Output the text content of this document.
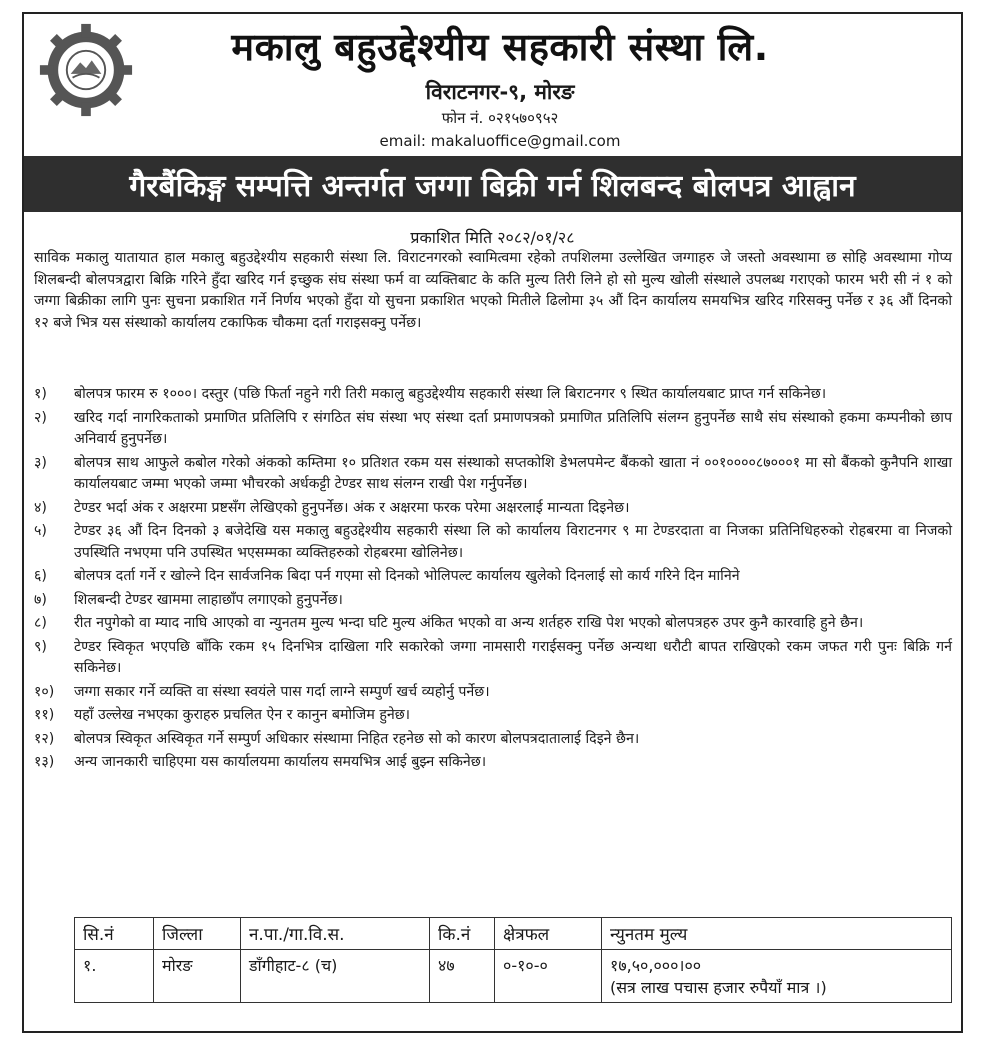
मकालु बहुउद्देश्यीय सहकारी संस्था लि.
विराटनगर-९, मोरङ
फोन नं. ०२१५७०९५२
email: makaluoffice@gmail.com
गैरबैंकिङ्ग सम्पत्ति अन्तर्गत जग्गा बिक्री गर्न शिलबन्द बोलपत्र आह्वान
प्रकाशित मिति २०८२/०१/२८
साविक मकालु यातायात हाल मकालु बहुउद्देश्यीय सहकारी संस्था लि. विराटनगरको स्वामित्वमा रहेको तपशिलमा उल्लेखित जग्गाहरु जे जस्तो अवस्थामा छ सोहि अवस्थामा गोप्य शिलबन्दी बोलपत्रद्वारा बिक्रि गरिने हुँदा खरिद गर्न इच्छुक संघ संस्था फर्म वा व्यक्तिबाट के कति मुल्य तिरी लिने हो सो मुल्य खोली संस्थाले उपलब्ध गराएको फारम भरी सी नं १ को जग्गा बिक्रीका लागि पुनः सुचना प्रकाशित गर्ने निर्णय भएको हुँदा यो सुचना प्रकाशित भएको मितीले ढिलोमा ३५ औं दिन कार्यालय समयभित्र खरिद गरिसक्नु पर्नेछ र ३६ औं दिनको १२ बजे भित्र यस संस्थाको कार्यालय टकाफिक चौकमा दर्ता गराइसक्नु पर्नेछ।
१)	बोलपत्र फारम रु १०००। दस्तुर (पछि फिर्ता नहुने गरी तिरी मकालु बहुउद्देश्यीय सहकारी संस्था लि बिराटनगर ९ स्थित कार्यालयबाट प्राप्त गर्न सकिनेछ।
२)	खरिद गर्दा नागरिकताको प्रमाणित प्रतिलिपि र संगठित संघ संस्था भए संस्था दर्ता प्रमाणपत्रको प्रमाणित प्रतिलिपि संलग्न हुनुपर्नेछ साथै संघ संस्थाको हकमा कम्पनीको छाप अनिवार्य हुनुपर्नेछ।
३)	बोलपत्र साथ आफुले कबोल गरेको अंकको कम्तिमा १० प्रतिशत रकम यस संस्थाको सप्तकोशि डेभलपमेन्ट बैंकको खाता नं ००१००००८७०००१ मा सो बैंकको कुनैपनि शाखा कार्यालयबाट जम्मा भएको जम्मा भौचरको अर्धकट्टी टेण्डर साथ संलग्न राखी पेश गर्नुपर्नेछ।
४)	टेण्डर भर्दा अंक र अक्षरमा प्रष्टसँग लेखिएको हुनुपर्नेछ। अंक र अक्षरमा फरक परेमा अक्षरलाई मान्यता दिइनेछ।
५)	टेण्डर ३६ औं दिन दिनको ३ बजेदेखि यस मकालु बहुउद्देश्यीय सहकारी संस्था लि को कार्यालय विराटनगर ९ मा टेण्डरदाता वा निजका प्रतिनिधिहरुको रोहबरमा वा निजको उपस्थिति नभएमा पनि उपस्थित भएसम्मका व्यक्तिहरुको रोहबरमा खोलिनेछ।
६)	बोलपत्र दर्ता गर्ने र खोल्ने दिन सार्वजनिक बिदा पर्न गएमा सो दिनको भोलिपल्ट कार्यालय खुलेको दिनलाई सो कार्य गरिने दिन मानिने
७)	शिलबन्दी टेण्डर खाममा लाहाछाँप लगाएको हुनुपर्नेछ।
८)	रीत नपुगेको वा म्याद नाघि आएको वा न्युनतम मुल्य भन्दा घटि मुल्य अंकित भएको वा अन्य शर्तहरु राखि पेश भएको बोलपत्रहरु उपर कुनै कारवाहि हुने छैन।
९)	टेण्डर स्विकृत भएपछि बाँकि रकम १५ दिनभित्र दाखिला गरि सकारेको जग्गा नामसारी गराईसक्नु पर्नेछ अन्यथा धरौटी बापत राखिएको रकम जफत गरी पुनः बिक्रि गर्न सकिनेछ।
१०)	जग्गा सकार गर्ने व्यक्ति वा संस्था स्वयंले पास गर्दा लाग्ने सम्पुर्ण खर्च व्यहोर्नु पर्नेछ।
११)	यहाँ उल्लेख नभएका कुराहरु प्रचलित ऐन र कानुन बमोजिम हुनेछ।
१२)	बोलपत्र स्विकृत अस्विकृत गर्ने सम्पुर्ण अधिकार संस्थामा निहित रहनेछ सो को कारण बोलपत्रदातालाई दिइने छैन।
१३)	अन्य जानकारी चाहिएमा यस कार्यालयमा कार्यालय समयभित्र आई बुझ्न सकिनेछ।
सि.नं	जिल्ला	न.पा./गा.वि.स.	कि.नं	क्षेत्रफल	न्युनतम मुल्य
१.	मोरङ	डाँगीहाट-८ (च)	४७	०-१०-०	१७,५०,०००।००
(सत्र लाख पचास हजार रुपैयाँ मात्र ।)
